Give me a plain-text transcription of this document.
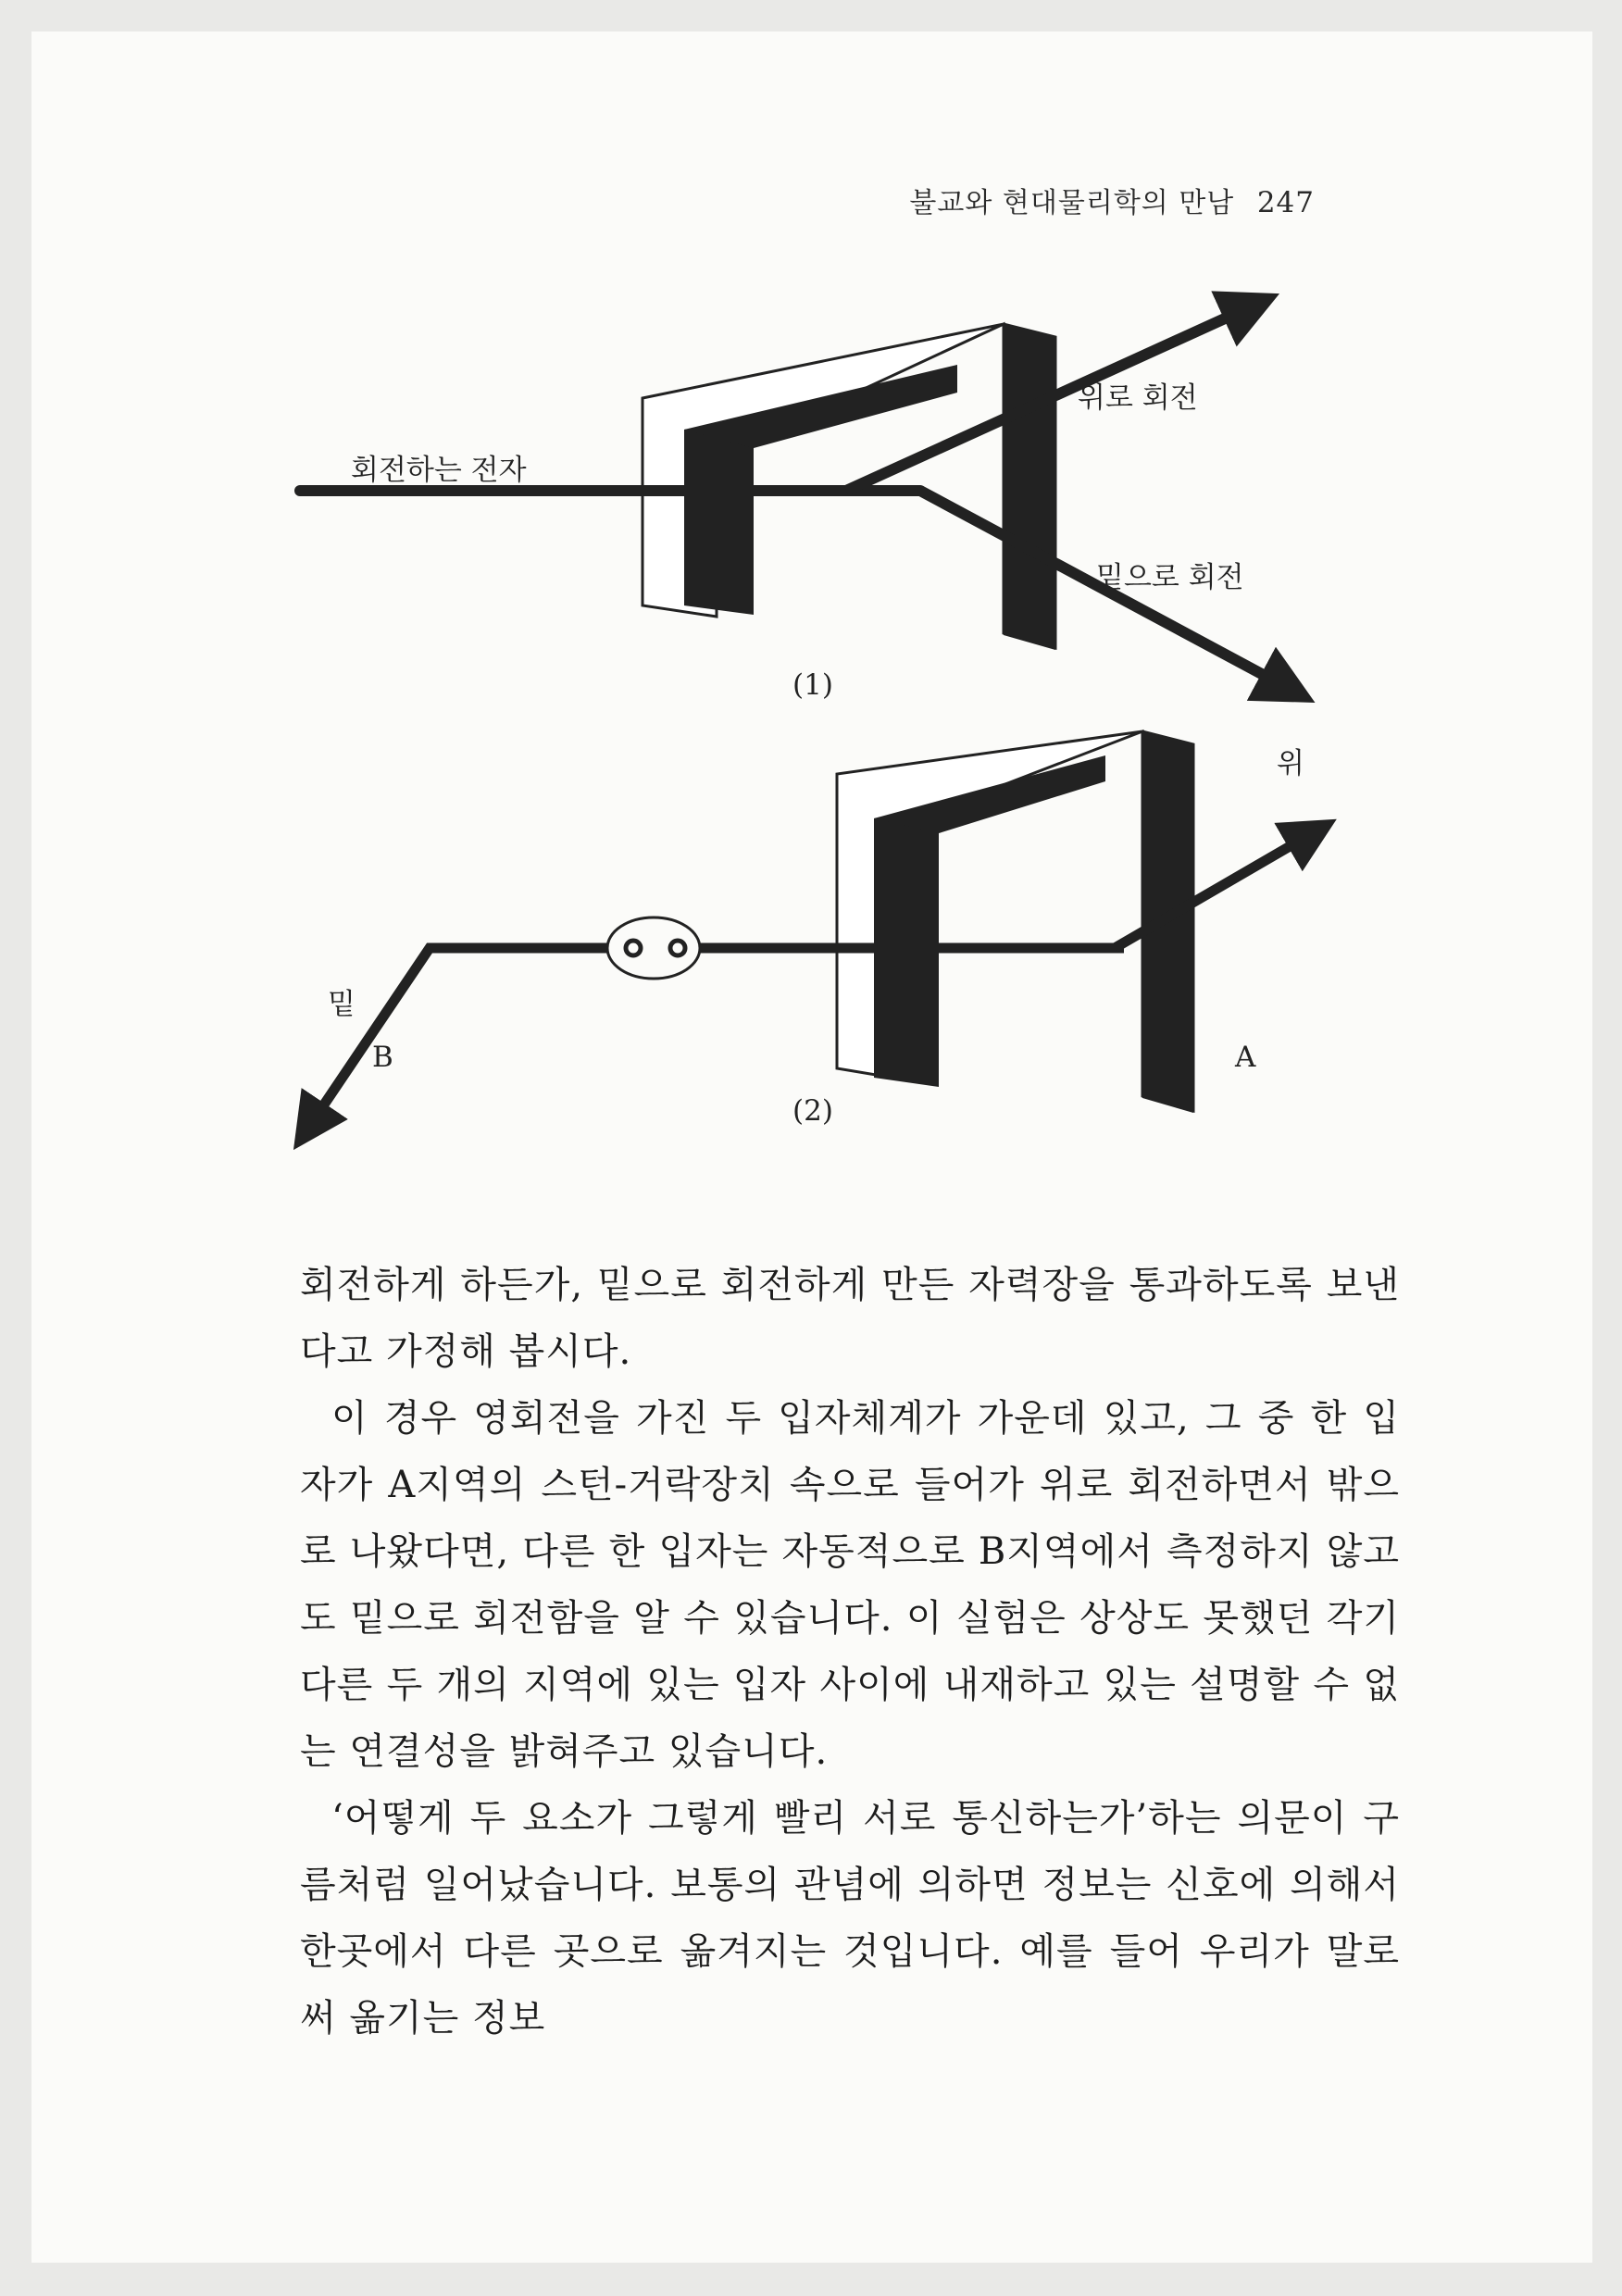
불교와 현대물리학의 만남 247
회전하는 전자
위로 회전
밑으로 회전
(1)
위
밑
B	A
(2)

회전하게 하든가, 밑으로 회전하게 만든 자력장을 통과하도록 보낸다고 가정해 봅시다.

이 경우 영회전을 가진 두 입자체계가 가운데 있고, 그 중 한 입자가 A지역의 스턴-거락장치 속으로 들어가 위로 회전하면서 밖으로 나왔다면, 다른 한 입자는 자동적으로 B지역에서 측정하지 않고도 밑으로 회전함을 알 수 있습니다. 이 실험은 상상도 못했던 각기 다른 두 개의 지역에 있는 입자 사이에 내재하고 있는 설명할 수 없는 연결성을 밝혀주고 있습니다.

‘어떻게 두 요소가 그렇게 빨리 서로 통신하는가’하는 의문이 구름처럼 일어났습니다. 보통의 관념에 의하면 정보는 신호에 의해서 한곳에서 다른 곳으로 옮겨지는 것입니다. 예를 들어 우리가 말로써 옮기는 정보
